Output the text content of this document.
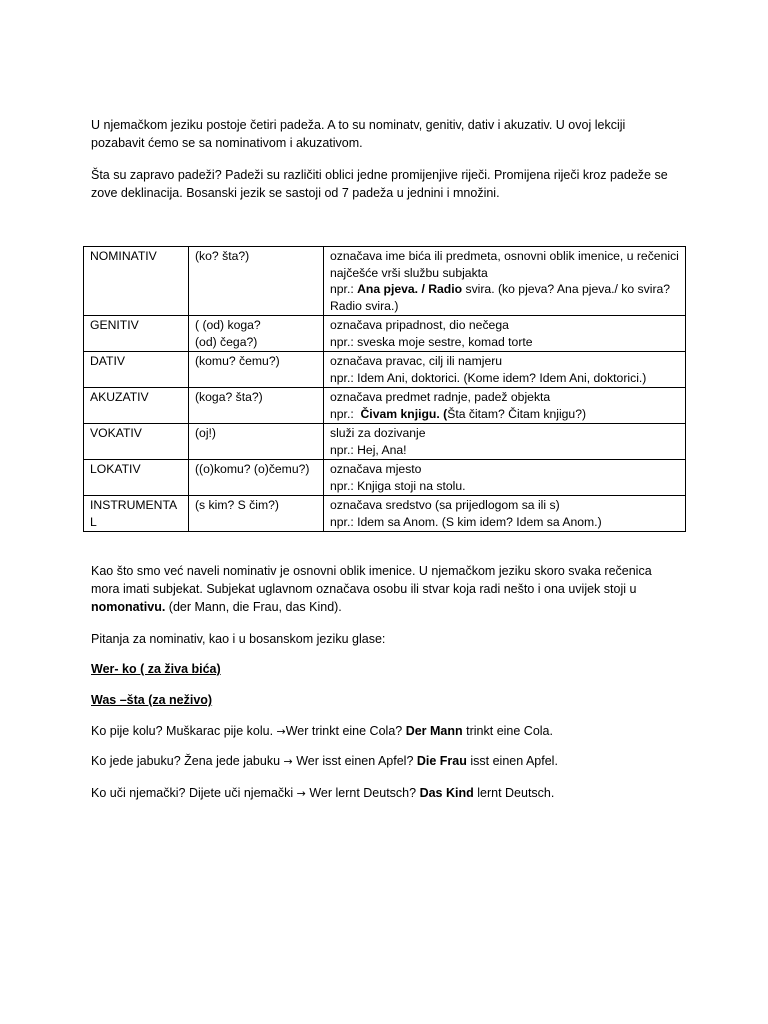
U njemačkom jeziku postoje četiri padeža. A to su nominatv, genitiv, dativ i akuzativ. U ovoj lekciji pozabavit ćemo se sa nominativom i akuzativom.

Šta su zapravo padeži? Padeži su različiti oblici jedne promijenjive riječi. Promijena riječi kroz padeže se zove deklinacija. Bosanski jezik se sastoji od 7 padeža u jednini i množini.

NOMINATIV	(ko? šta?)	označava ime bića ili predmeta, osnovni oblik imenice, u rečenici najčešće vrši službu subjakta
npr.: Ana pjeva. / Radio svira. (ko pjeva? Ana pjeva./ ko svira? Radio svira.)

GENITIV	( (od) koga?
(od) čega?)	označava pripadnost, dio nečega
npr.: sveska moje sestre, komad torte

DATIV	(komu? čemu?)	označava pravac, cilj ili namjeru
npr.: Idem Ani, doktorici. (Kome idem? Idem Ani, doktorici.)

AKUZATIV	(koga? šta?)	označava predmet radnje, padež objekta
npr.:  Čivam knjigu. (Šta čitam? Čitam knjigu?)

VOKATIV	(oj!)	služi za dozivanje
npr.: Hej, Ana!

LOKATIV	((o)komu? (o)čemu?)	označava mjesto
npr.: Knjiga stoji na stolu.

INSTRUMENTAL	(s kim? S čim?)	označava sredstvo (sa prijedlogom sa ili s)
npr.: Idem sa Anom. (S kim idem? Idem sa Anom.)

Kao što smo već naveli nominativ je osnovni oblik imenice. U njemačkom jeziku skoro svaka rečenica mora imati subjekat. Subjekat uglavnom označava osobu ili stvar koja radi nešto i ona uvijek stoji u nomonativu. (der Mann, die Frau, das Kind).

Pitanja za nominativ, kao i u bosanskom jeziku glase:

Wer- ko ( za živa bića)

Was –šta (za neživo)

Ko pije kolu? Muškarac pije kolu. →Wer trinkt eine Cola? Der Mann trinkt eine Cola.

Ko jede jabuku? Žena jede jabuku → Wer isst einen Apfel? Die Frau isst einen Apfel.

Ko uči njemački? Dijete uči njemački → Wer lernt Deutsch? Das Kind lernt Deutsch.
